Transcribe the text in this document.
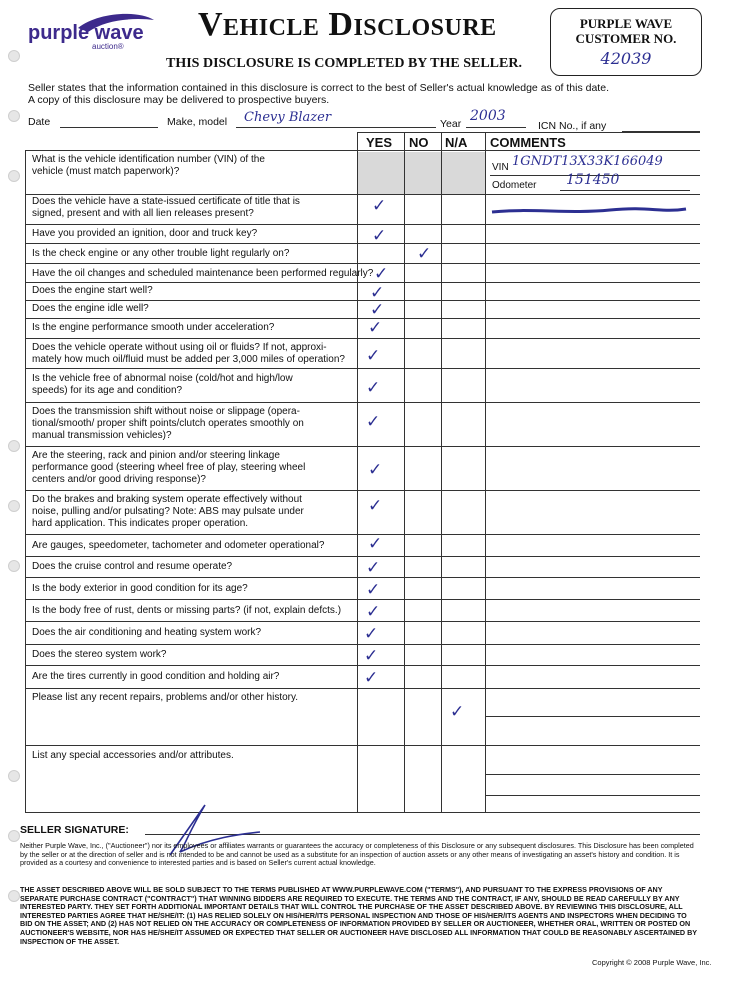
purple wave
auction®
Vehicle Disclosure
THIS DISCLOSURE IS COMPLETED BY THE SELLER.
PURPLE WAVE
CUSTOMER NO.
42039
Seller states that the information contained in this disclosure is correct to the best of Seller's actual knowledge as of this date.
A copy of this disclosure may be delivered to prospective buyers.
Date	Make, model Chevy Blazer	Year 2003
ICN No., if any
YES NO N/A COMMENTS
VIN 1GNDT13X33K166049
Odometer 151450
What is the vehicle identification number (VIN) of the
vehicle (must match paperwork)?
Does the vehicle have a state-issued certificate of title that is
signed, present and with all lien releases present?
Have you provided an ignition, door and truck key?
Is the check engine or any other trouble light regularly on?
Have the oil changes and scheduled maintenance been performed regularly?
Does the engine start well?
Does the engine idle well?
Is the engine performance smooth under acceleration?
Does the vehicle operate without using oil or fluids? If not, approxi-
mately how much oil/fluid must be added per 3,000 miles of operation?
Is the vehicle free of abnormal noise (cold/hot and high/low
speeds) for its age and condition?
Does the transmission shift without noise or slippage (opera-
tional/smooth/ proper shift points/clutch operates smoothly on
manual transmission vehicles)?
Are the steering, rack and pinion and/or steering linkage
performance good (steering wheel free of play, steering wheel
centers and/or good driving response)?
Do the brakes and braking system operate effectively without
noise, pulling and/or pulsating? Note: ABS may pulsate under
hard application. This indicates proper operation.
Are gauges, speedometer, tachometer and odometer operational?
Does the cruise control and resume operate?
Is the body exterior in good condition for its age?
Is the body free of rust, dents or missing parts? (if not, explain defcts.)
Does the air conditioning and heating system work?
Does the stereo system work?
Are the tires currently in good condition and holding air?
Please list any recent repairs, problems and/or other history.
List any special accessories and/or attributes.
✓
✓
✓
✓
✓
✓
✓
✓
✓
✓
✓
✓
✓
✓
✓
✓
✓
✓
✓
✓
SELLER SIGNATURE:
Neither Purple Wave, Inc., ("Auctioneer") nor its employees or affiliates warrants or guarantees the accuracy or completeness of this Disclosure or any subsequent disclosures. This Disclosure has been completed by the seller or at the direction of seller and is not intended to be and cannot be used as a substitute for an inspection of auction assets or any other means of investigating an asset's history and condition. It is provided as a courtesy and convenience to interested parties and is based on Seller's current actual knowledge.
THE ASSET DESCRIBED ABOVE WILL BE SOLD SUBJECT TO THE TERMS PUBLISHED AT WWW.PURPLEWAVE.COM ("TERMS"), AND PURSUANT TO THE EXPRESS PROVISIONS OF ANY SEPARATE PURCHASE CONTRACT ("CONTRACT") THAT WINNING BIDDERS ARE REQUIRED TO EXECUTE. THE TERMS AND THE CONTRACT, IF ANY, SHOULD BE READ CAREFULLY BY ANY INTERESTED PARTY. THEY SET FORTH ADDITIONAL IMPORTANT DETAILS THAT WILL CONTROL THE PURCHASE OF THE ASSET DESCRIBED ABOVE. BY REVIEWING THIS DISCLOSURE, ALL INTERESTED PARTIES AGREE THAT HE/SHE/IT: (1) HAS RELIED SOLELY ON HIS/HER/ITS PERSONAL INSPECTION AND THOSE OF HIS/HER/ITS AGENTS AND INSPECTORS WHEN DECIDING TO BID ON THE ASSET; AND (2) HAS NOT RELIED ON THE ACCURACY OR COMPLETENESS OF INFORMATION PROVIDED BY SELLER OR AUCTIONEER, WHETHER ORAL, WRITTEN OR POSTED ON AUCTIONEER'S WEBSITE, NOR HAS HE/SHE/IT ASSUMED OR EXPECTED THAT SELLER OR AUCTIONEER HAVE DISCLOSED ALL INFORMATION THAT COULD BE REASONABLY ASCERTAINED BY INSPECTION OF THE ASSET.
Copyright © 2008 Purple Wave, Inc.
